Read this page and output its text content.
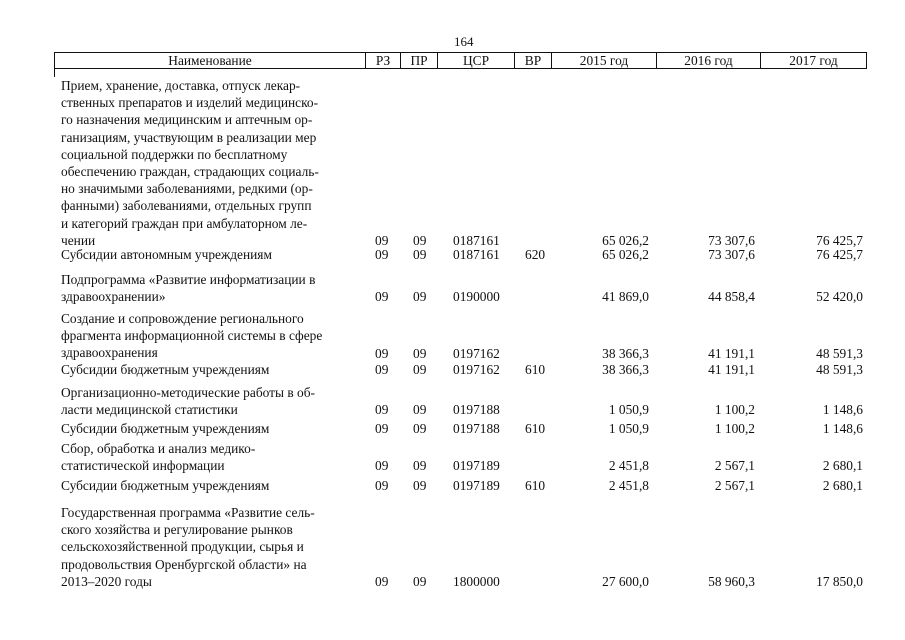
164
Наименование	РЗ	ПР	ЦСР	ВР	2015 год	2016 год	2017 год
Прием, хранение, доставка, отпуск лекар-
ственных препаратов и изделий медицинско-
го назначения медицинским и аптечным ор-
ганизациям, участвующим в реализации мер
социальной поддержки по бесплатному
обеспечению граждан, страдающих социаль-
но значимыми заболеваниями, редкими (ор-
фанными) заболеваниями, отдельных групп
и категорий граждан при амбулаторном ле-
чении	09 09 0187161	65 026,2	73 307,6	76 425,7
Субсидии автономным учреждениям	09 09 0187161 620	65 026,2	73 307,6	76 425,7
Подпрограмма «Развитие информатизации в
здравоохранении»	09 09 0190000	41 869,0	44 858,4	52 420,0
Создание и сопровождение регионального
фрагмента информационной системы в сфере
здравоохранения	09 09 0197162	38 366,3	41 191,1	48 591,3
Субсидии бюджетным учреждениям	09 09 0197162 610	38 366,3	41 191,1	48 591,3
Организационно-методические работы в об-
ласти медицинской статистики	09 09 0197188	1 050,9	1 100,2	1 148,6
Субсидии бюджетным учреждениям	09 09 0197188 610	1 050,9	1 100,2	1 148,6
Сбор, обработка и анализ медико-
статистической информации	09 09 0197189	2 451,8	2 567,1	2 680,1
Субсидии бюджетным учреждениям	09 09 0197189 610	2 451,8	2 567,1	2 680,1
Государственная программа «Развитие сель-
ского хозяйства и регулирование рынков
сельскохозяйственной продукции, сырья и
продовольствия Оренбургской области» на
2013–2020 годы	09 09 1800000	27 600,0	58 960,3	17 850,0
